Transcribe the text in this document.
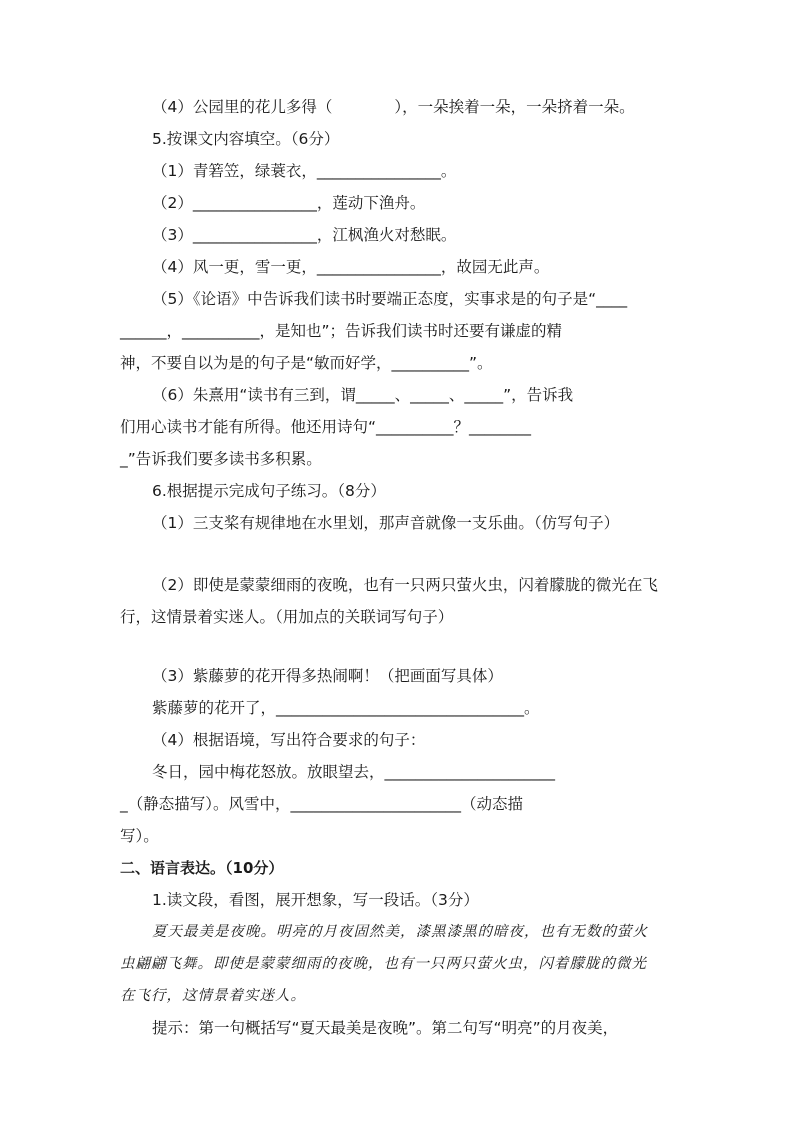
（4）公园里的花儿多得（　　　　），一朵挨着一朵，一朵挤着一朵。
5.按课文内容填空。（6分）
（1）青箬笠，绿蓑衣，________________。
（2）________________，莲动下渔舟。
（3）________________，江枫渔火对愁眠。
（4）风一更，雪一更，________________，故园无此声。
（5）《论语》中告诉我们读书时要端正态度，实事求是的句子是“____
______，__________，是知也”；告诉我们读书时还要有谦虚的精
神，不要自以为是的句子是“敏而好学，__________”。
（6）朱熹用“读书有三到，谓_____、_____、_____”，告诉我
们用心读书才能有所得。他还用诗句“__________？________
_”告诉我们要多读书多积累。
6.根据提示完成句子练习。（8分）
（1）三支桨有规律地在水里划，那声音就像一支乐曲。（仿写句子）
（2）即使是蒙蒙细雨的夜晚，也有一只两只萤火虫，闪着朦胧的微光在飞
行，这情景着实迷人。（用加点的关联词写句子）
（3）紫藤萝的花开得多热闹啊！（把画面写具体）
紫藤萝的花开了，________________________________。
（4）根据语境，写出符合要求的句子：
冬日，园中梅花怒放。放眼望去，______________________
_（静态描写）。风雪中，______________________（动态描
写）。
二、语言表达。（10分）
1.读文段，看图，展开想象，写一段话。（3分）
夏天最美是夜晚。明亮的月夜固然美，漆黑漆黑的暗夜，也有无数的萤火
虫翩翩飞舞。即使是蒙蒙细雨的夜晚，也有一只两只萤火虫，闪着朦胧的微光
在飞行，这情景着实迷人。
提示：第一句概括写“夏天最美是夜晚”。第二句写“明亮”的月夜美，
